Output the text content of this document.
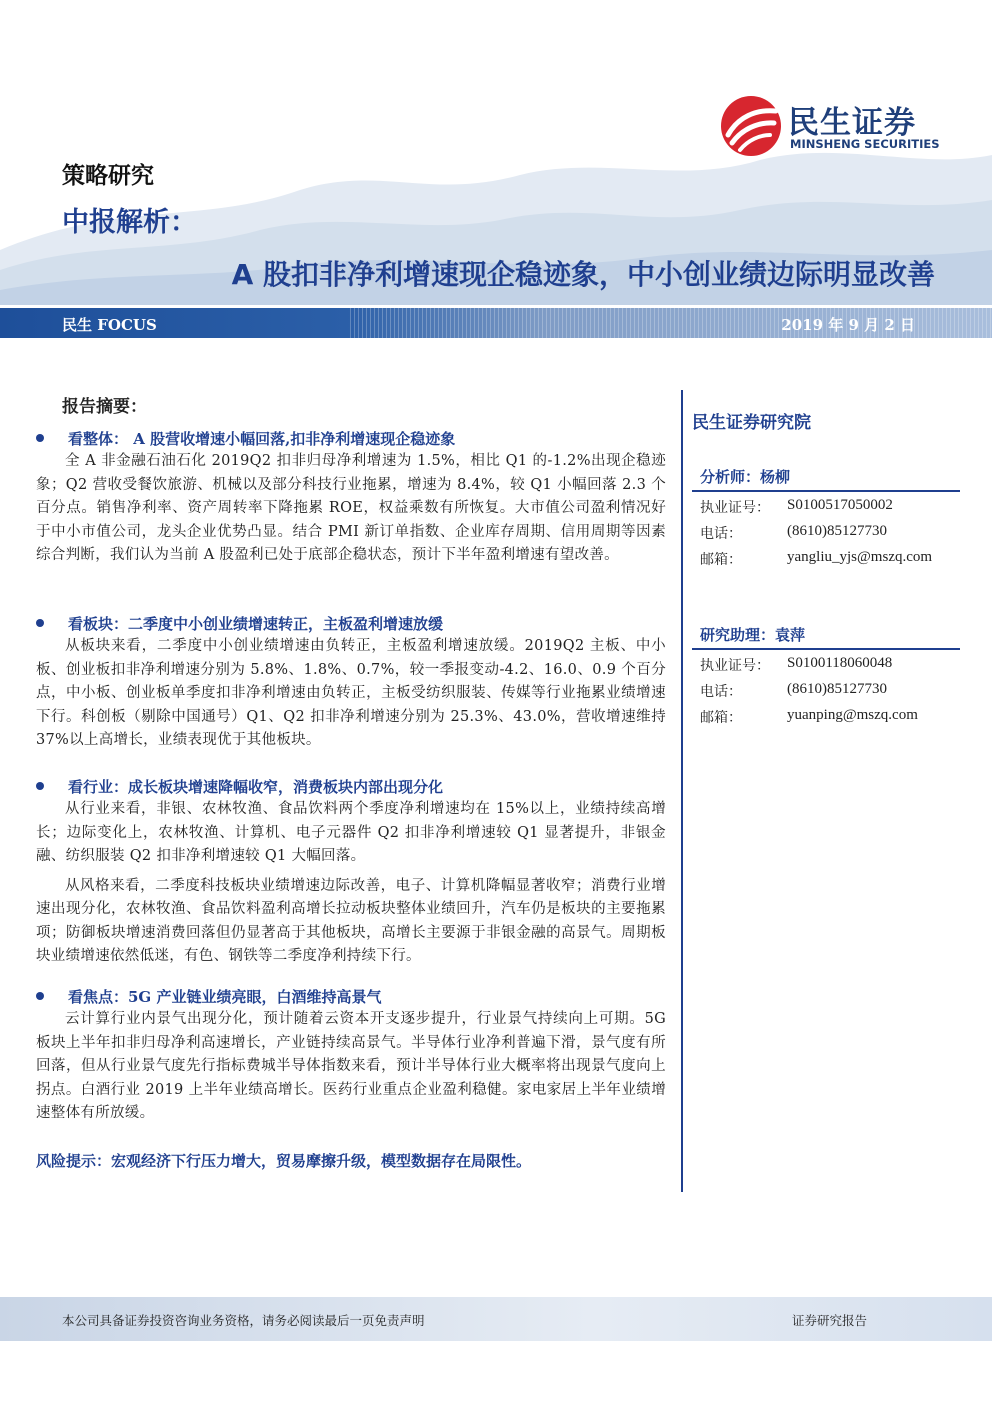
民生证券
MINSHENG SECURITIES
策略研究
中报解析：
A 股扣非净利增速现企稳迹象，中小创业绩边际明显改善
民生 FOCUS	2019 年 9 月 2 日
报告摘要：
看整体： A 股营收增速小幅回落,扣非净利增速现企稳迹象

全 A 非金融石油石化 2019Q2 扣非归母净利增速为 1.5%，相比 Q1 的-1.2%出现企稳迹象；Q2 营收受餐饮旅游、机械以及部分科技行业拖累，增速为 8.4%，较 Q1 小幅回落 2.3 个百分点。销售净利率、资产周转率下降拖累 ROE，权益乘数有所恢复。大市值公司盈利情况好于中小市值公司，龙头企业优势凸显。结合 PMI 新订单指数、企业库存周期、信用周期等因素综合判断，我们认为当前 A 股盈利已处于底部企稳状态，预计下半年盈利增速有望改善。

看板块：二季度中小创业绩增速转正，主板盈利增速放缓

从板块来看，二季度中小创业绩增速由负转正，主板盈利增速放缓。2019Q2 主板、中小板、创业板扣非净利增速分别为 5.8%、1.8%、0.7%，较一季报变动-4.2、16.0、0.9 个百分点，中小板、创业板单季度扣非净利增速由负转正，主板受纺织服装、传媒等行业拖累业绩增速下行。科创板（剔除中国通号）Q1、Q2 扣非净利增速分别为 25.3%、43.0%，营收增速维持 37%以上高增长，业绩表现优于其他板块。

看行业：成长板块增速降幅收窄，消费板块内部出现分化

从行业来看，非银、农林牧渔、食品饮料两个季度净利增速均在 15%以上，业绩持续高增长；边际变化上，农林牧渔、计算机、电子元器件 Q2 扣非净利增速较 Q1 显著提升，非银金融、纺织服装 Q2 扣非净利增速较 Q1 大幅回落。

从风格来看，二季度科技板块业绩增速边际改善，电子、计算机降幅显著收窄；消费行业增速出现分化，农林牧渔、食品饮料盈利高增长拉动板块整体业绩回升，汽车仍是板块的主要拖累项；防御板块增速消费回落但仍显著高于其他板块，高增长主要源于非银金融的高景气。周期板块业绩增速依然低迷，有色、钢铁等二季度净利持续下行。

看焦点：5G 产业链业绩亮眼，白酒维持高景气

云计算行业内景气出现分化，预计随着云资本开支逐步提升，行业景气持续向上可期。5G 板块上半年扣非归母净利高速增长，产业链持续高景气。半导体行业净利普遍下滑，景气度有所回落，但从行业景气度先行指标费城半导体指数来看，预计半导体行业大概率将出现景气度向上拐点。白酒行业 2019 上半年业绩高增长。医药行业重点企业盈利稳健。家电家居上半年业绩增速整体有所放缓。

风险提示：宏观经济下行压力增大，贸易摩擦升级，模型数据存在局限性。
民生证券研究院
分析师：杨柳
执业证号： S0100517050002
电话：	(8610)85127730
邮箱：	yangliu_yjs@mszq.com
研究助理：袁萍
执业证号： S0100118060048
电话：	(8610)85127730
邮箱：	yuanping@mszq.com
本公司具备证券投资咨询业务资格，请务必阅读最后一页免责声明	证券研究报告
